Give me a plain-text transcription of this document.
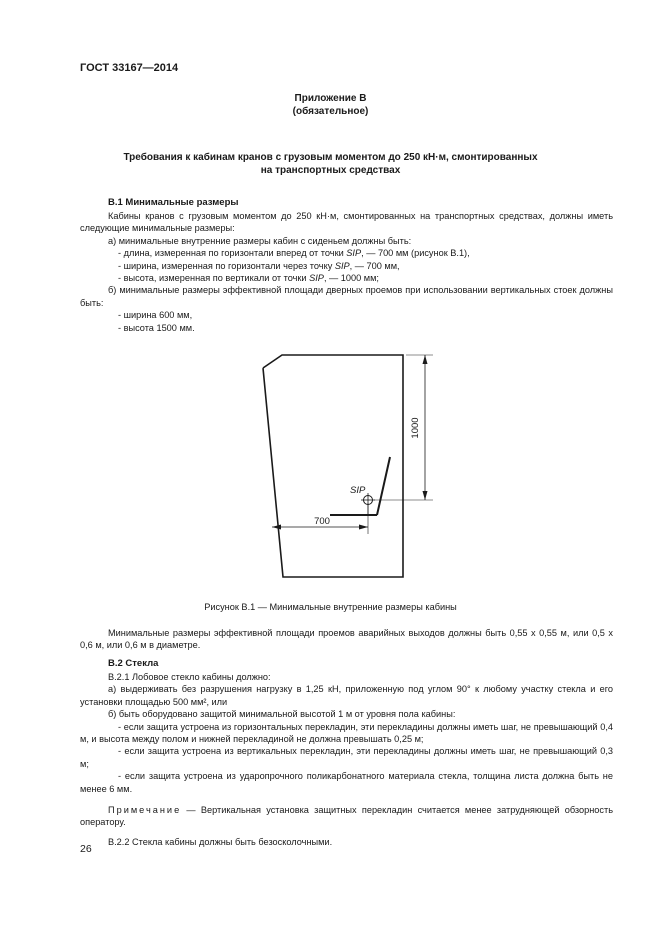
ГОСТ 33167—2014
Приложение В
(обязательное)
Требования к кабинам кранов с грузовым моментом до 250 кН·м, смонтированных
на транспортных средствах
В.1 Минимальные размеры

Кабины кранов с грузовым моментом до 250 кН·м, смонтированных на транспортных средствах, должны иметь следующие минимальные размеры:

а) минимальные внутренние размеры кабин с сиденьем должны быть:

- длина, измеренная по горизонтали вперед от точки SIP, — 700 мм (рисунок В.1),

- ширина, измеренная по горизонтали через точку SIP, — 700 мм,

- высота, измеренная по вертикали от точки SIP, — 1000 мм;

б) минимальные размеры эффективной площади дверных проемов при использовании вертикальных стоек должны быть:

- ширина 600 мм,

- высота 1500 мм.

1000
700
SIP
Рисунок В.1 — Минимальные внутренние размеры кабины

Минимальные размеры эффективной площади проемов аварийных выходов должны быть 0,55 х 0,55 м, или 0,5 х 0,6 м, или 0,6 м в диаметре.

В.2 Стекла

В.2.1 Лобовое стекло кабины должно:

а) выдерживать без разрушения нагрузку в 1,25 кН, приложенную под углом 90° к любому участку стекла и его установки площадью 500 мм², или

б) быть оборудовано защитой минимальной высотой 1 м от уровня пола кабины:

- если защита устроена из горизонтальных перекладин, эти перекладины должны иметь шаг, не превышающий 0,4 м, и высота между полом и нижней перекладиной не должна превышать 0,25 м;

- если защита устроена из вертикальных перекладин, эти перекладины должны иметь шаг, не превышающий 0,3 м;

- если защита устроена из ударопрочного поликарбонатного материала стекла, толщина листа должна быть не менее 6 мм.

Примечание — Вертикальная установка защитных перекладин считается менее затрудняющей обзорность оператору.

В.2.2 Стекла кабины должны быть безосколочными.

26
